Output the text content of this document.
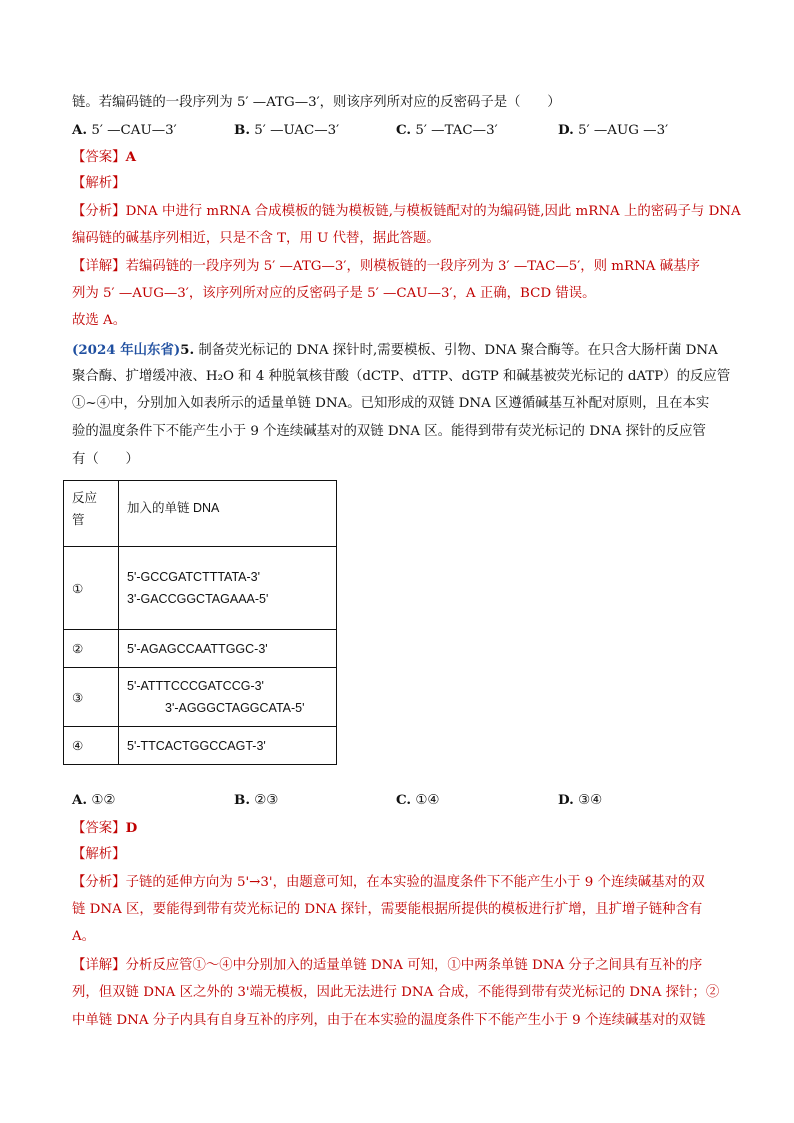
链。若编码链的一段序列为 5′ —ATG—3′，则该序列所对应的反密码子是（　　）
A. 5′ —CAU—3′	B. 5′ —UAC—3′	C. 5′ —TAC—3′	D. 5′ —AUG —3′
【答案】A
【解析】
【分析】DNA 中进行 mRNA 合成模板的链为模板链,与模板链配对的为编码链,因此 mRNA 上的密码子与 DNA
编码链的碱基序列相近，只是不含 T，用 U 代替，据此答题。
【详解】若编码链的一段序列为 5′ —ATG—3′，则模板链的一段序列为 3′ —TAC—5′，则 mRNA 碱基序
列为 5′ —AUG—3′，该序列所对应的反密码子是 5′ —CAU—3′，A 正确，BCD 错误。
故选 A。
(2024 年山东省)5. 制备荧光标记的 DNA 探针时,需要模板、引物、DNA 聚合酶等。在只含大肠杆菌 DNA
聚合酶、扩增缓冲液、H₂O 和 4 种脱氧核苷酸（dCTP、dTTP、dGTP 和碱基被荧光标记的 dATP）的反应管
①~④中，分别加入如表所示的适量单链 DNA。已知形成的双链 DNA 区遵循碱基互补配对原则，且在本实
验的温度条件下不能产生小于 9 个连续碱基对的双链 DNA 区。能得到带有荧光标记的 DNA 探针的反应管
有（　　）
反应
管	加入的单链 DNA
①	5'-GCCGATCTTTATA-3'
3'-GACCGGCTAGAAA-5'

②	5'-AGAGCCAATTGGC-3'

③	5'-ATTTCCCGATCCG-3'
3'-AGGGCTAGGCATA-5'

④	5'-TTCACTGGCCAGT-3'
A. ①②	B. ②③	C. ①④	D. ③④
【答案】D
【解析】
【分析】子链的延伸方向为 5'→3'，由题意可知，在本实验的温度条件下不能产生小于 9 个连续碱基对的双
链 DNA 区，要能得到带有荧光标记的 DNA 探针，需要能根据所提供的模板进行扩增，且扩增子链种含有
A。
【详解】分析反应管①～④中分别加入的适量单链 DNA 可知，①中两条单链 DNA 分子之间具有互补的序
列，但双链 DNA 区之外的 3'端无模板，因此无法进行 DNA 合成，不能得到带有荧光标记的 DNA 探针；②
中单链 DNA 分子内具有自身互补的序列，由于在本实验的温度条件下不能产生小于 9 个连续碱基对的双链
